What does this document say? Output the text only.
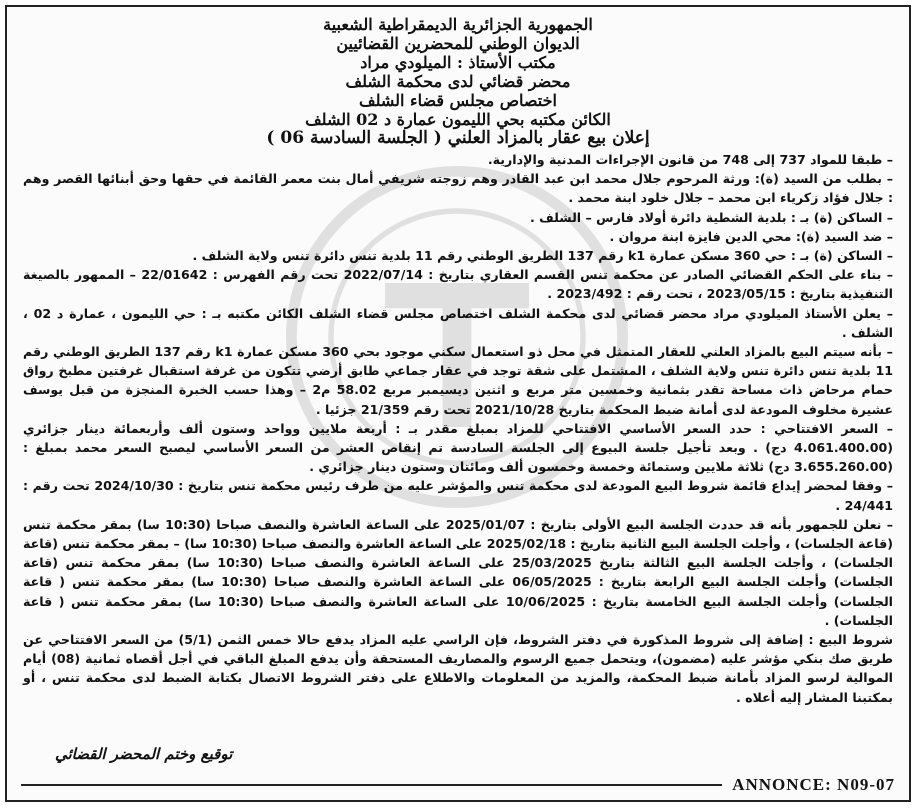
الجمهورية الجزائرية الديمقراطية الشعبية
الديوان الوطني للمحضرين القضائيين
مكتب الأستاذ : الميلودي مراد
محضر قضائي لدى محكمة الشلف
اختصاص مجلس قضاء الشلف
الكائن مكتبه بحي الليمون عمارة د 02 الشلف
إعلان بيع عقار بالمزاد العلني ( الجلسة السادسة 06 )

– طبقا للمواد 737 إلى 748 من قانون الإجراءات المدنية والإدارية.

– بطلب من السيد (ة): ورثة المرحوم جلال محمد ابن عبد القادر وهم زوجته شريفي أمال بنت معمر القائمة في حقها وحق أبنائها القصر وهم : جلال فؤاد زكرياء ابن محمد – جلال خلود ابنة محمد .

– الساكن (ة) بـ : بلدية الشطية دائرة أولاد فارس – الشلف .

– ضد السيد (ة): محي الدين فايزة ابنة مروان .

– الساكن (ة) بـ : حي 360 مسكن عمارة k1 رقم 137 الطريق الوطني رقم 11 بلدية تنس دائرة تنس ولاية الشلف .

– بناء على الحكم القضائي الصادر عن محكمة تنس القسم العقاري بتاريخ : 2022/07/14 تحت رقم الفهرس : 22/01642 – الممهور بالصيغة التنفيذية بتاريخ : 2023/05/15 ، تحت رقم : 2023/492 .

– يعلن الأستاذ الميلودي مراد محضر قضائي لدى محكمة الشلف اختصاص مجلس قضاء الشلف الكائن مكتبه بـ : حي الليمون ، عمارة د 02 ، الشلف .

– بأنه سيتم البيع بالمزاد العلني للعقار المتمثل في محل ذو استعمال سكني موجود بحي 360 مسكن عمارة k1 رقم 137 الطريق الوطني رقم 11 بلدية تنس دائرة تنس ولاية الشلف ، المشتمل على شقة توجد في عقار جماعي طابق أرضي تتكون من غرفة استقبال غرفتين مطبخ رواق حمام مرحاض ذات مساحة تقدر بثمانية وخمسين متر مربع و اثنين ديسيمبر مربع 58.02 م2 – وهذا حسب الخبرة المنجزة من قبل يوسف عشيرة مخلوف المودعة لدى أمانة ضبط المحكمة بتاريخ 2021/10/28 تحت رقم 21/359 جزئيا .

– السعر الافتتاحي : حدد السعر الأساسي الافتتاحي للمزاد بمبلغ مقدر بـ : أربعة ملايين وواحد وستون ألف وأربعمائة دينار جزائري (4.061.400.00 دج) . وبعد تأجيل جلسة البيوع إلى الجلسة السادسة تم إنقاص العشر من السعر الأساسي ليصبح السعر محمد بمبلغ : (3.655.260.00 دج) ثلاثة ملايين وستمائة وخمسة وخمسون ألف ومائتان وستون دينار جزائري .

– وفقا لمحضر إيداع قائمة شروط البيع المودعة لدى محكمة تنس والمؤشر عليه من طرف رئيس محكمة تنس بتاريخ : 2024/10/30 تحت رقم : 24/441 .

– نعلن للجمهور بأنه قد حددت الجلسة البيع الأولى بتاريخ : 2025/01/07 على الساعة العاشرة والنصف صباحا (10:30 سا) بمقر محكمة تنس (قاعة الجلسات) ، وأجلت الجلسة البيع الثانية بتاريخ : 2025/02/18 على الساعة العاشرة والنصف صباحا (10:30 سا) – بمقر محكمة تنس (قاعة الجلسات) ، وأجلت الجلسة البيع الثالثة بتاريخ 25/03/2025 على الساعة العاشرة والنصف صباحا (10:30 سا) بمقر محكمة تنس (قاعة الجلسات) وأجلت الجلسة البيع الرابعة بتاريخ : 06/05/2025 على الساعة العاشرة والنصف صباحا (10:30 سا) بمقر محكمة تنس ( قاعة الجلسات) وأجلت الجلسة البيع الخامسة بتاريخ : 10/06/2025 على الساعة العاشرة والنصف صباحا (10:30 سا) بمقر محكمة تنس ( قاعة الجلسات) .

شروط البيع : إضافة إلى شروط المذكورة في دفتر الشروط، فإن الراسي عليه المزاد يدفع حالا خمس الثمن (5/1) من السعر الافتتاحي عن طريق صك بنكي مؤشر عليه (مضمون)، ويتحمل جميع الرسوم والمصاريف المستحقة وأن يدفع المبلغ الباقي في أجل أقصاه ثمانية (08) أيام الموالية لرسو المزاد بأمانة ضبط المحكمة، والمزيد من المعلومات والاطلاع على دفتر الشروط الاتصال بكتابة الضبط لدى محكمة تنس ، أو بمكتبنا المشار إليه أعلاه .

توقيع وختم المحضر القضائي
ANNONCE: N09-07
